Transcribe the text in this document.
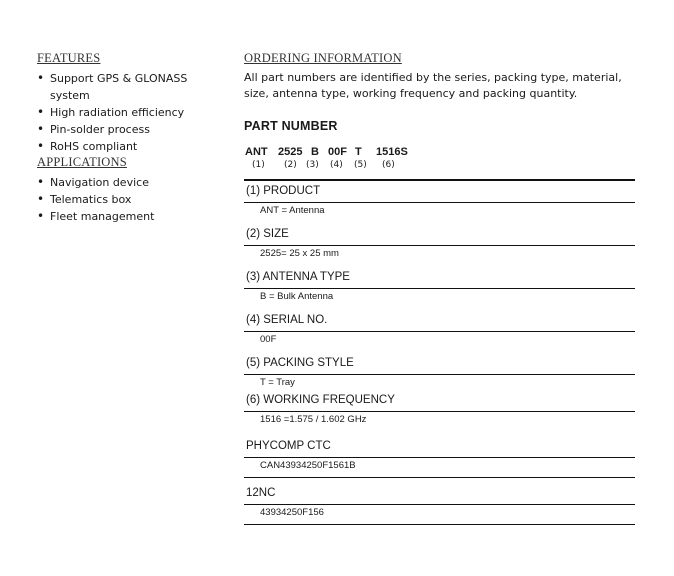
FEATURES
• Support GPS & GLONASS system
• High radiation efficiency
• Pin-solder process
• RoHS compliant
APPLICATIONS
• Navigation device
• Telematics box
• Fleet management
ORDERING INFORMATION

All part numbers are identified by the series, packing type, material, size, antenna type, working frequency and packing quantity.

PART NUMBER
ANT 2525 B 00F T 1516S
(1) (2) (3) (4) (5) (6)
(1) PRODUCT
ANT = Antenna
(2) SIZE
2525= 25 x 25 mm
(3) ANTENNA TYPE
B = Bulk Antenna
(4) SERIAL NO.
00F
(5) PACKING STYLE
T = Tray
(6) WORKING FREQUENCY
1516 =1.575 / 1.602 GHz
PHYCOMP CTC
CAN43934250F1561B
12NC
43934250F156
